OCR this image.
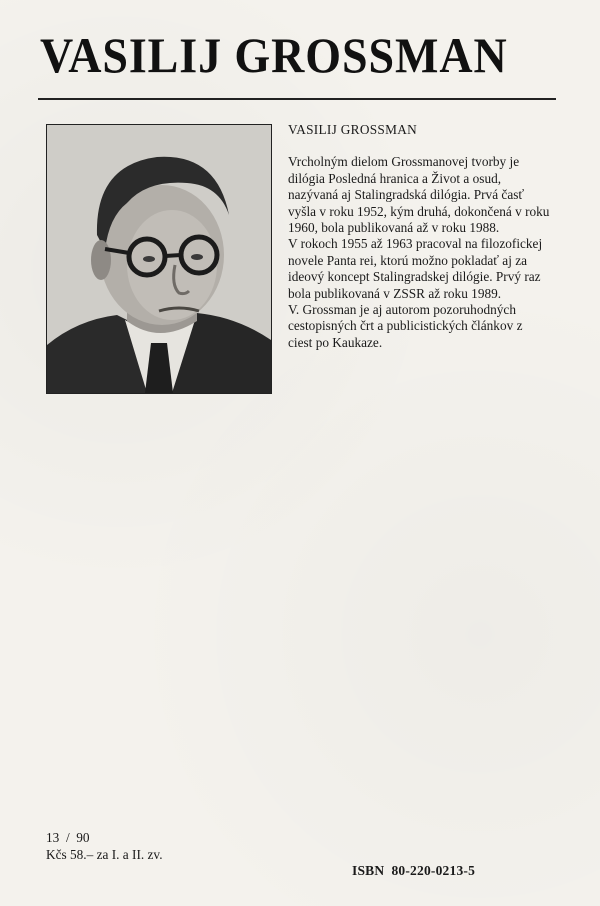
VASILIJ GROSSMAN

VASILIJ GROSSMAN

Vrcholným dielom Grossmanovej tvorby je dilógia Posledná hranica a Život a osud, nazývaná aj Stalingradská dilógia. Prvá časť vyšla v roku 1952, kým druhá, dokončená v roku 1960, bola publikovaná až v roku 1988.

V rokoch 1955 až 1963 pracoval na filozofickej novele Panta rei, ktorú možno pokladať aj za ideový koncept Stalingradskej dilógie. Prvý raz bola publikovaná v ZSSR až roku 1989.

V. Grossman je aj autorom pozoruhodných cestopisných črt a publicistických článkov z ciest po Kaukaze.

13  /  90
Kčs 58.– za I. a II. zv.
ISBN  80-220-0213-5
